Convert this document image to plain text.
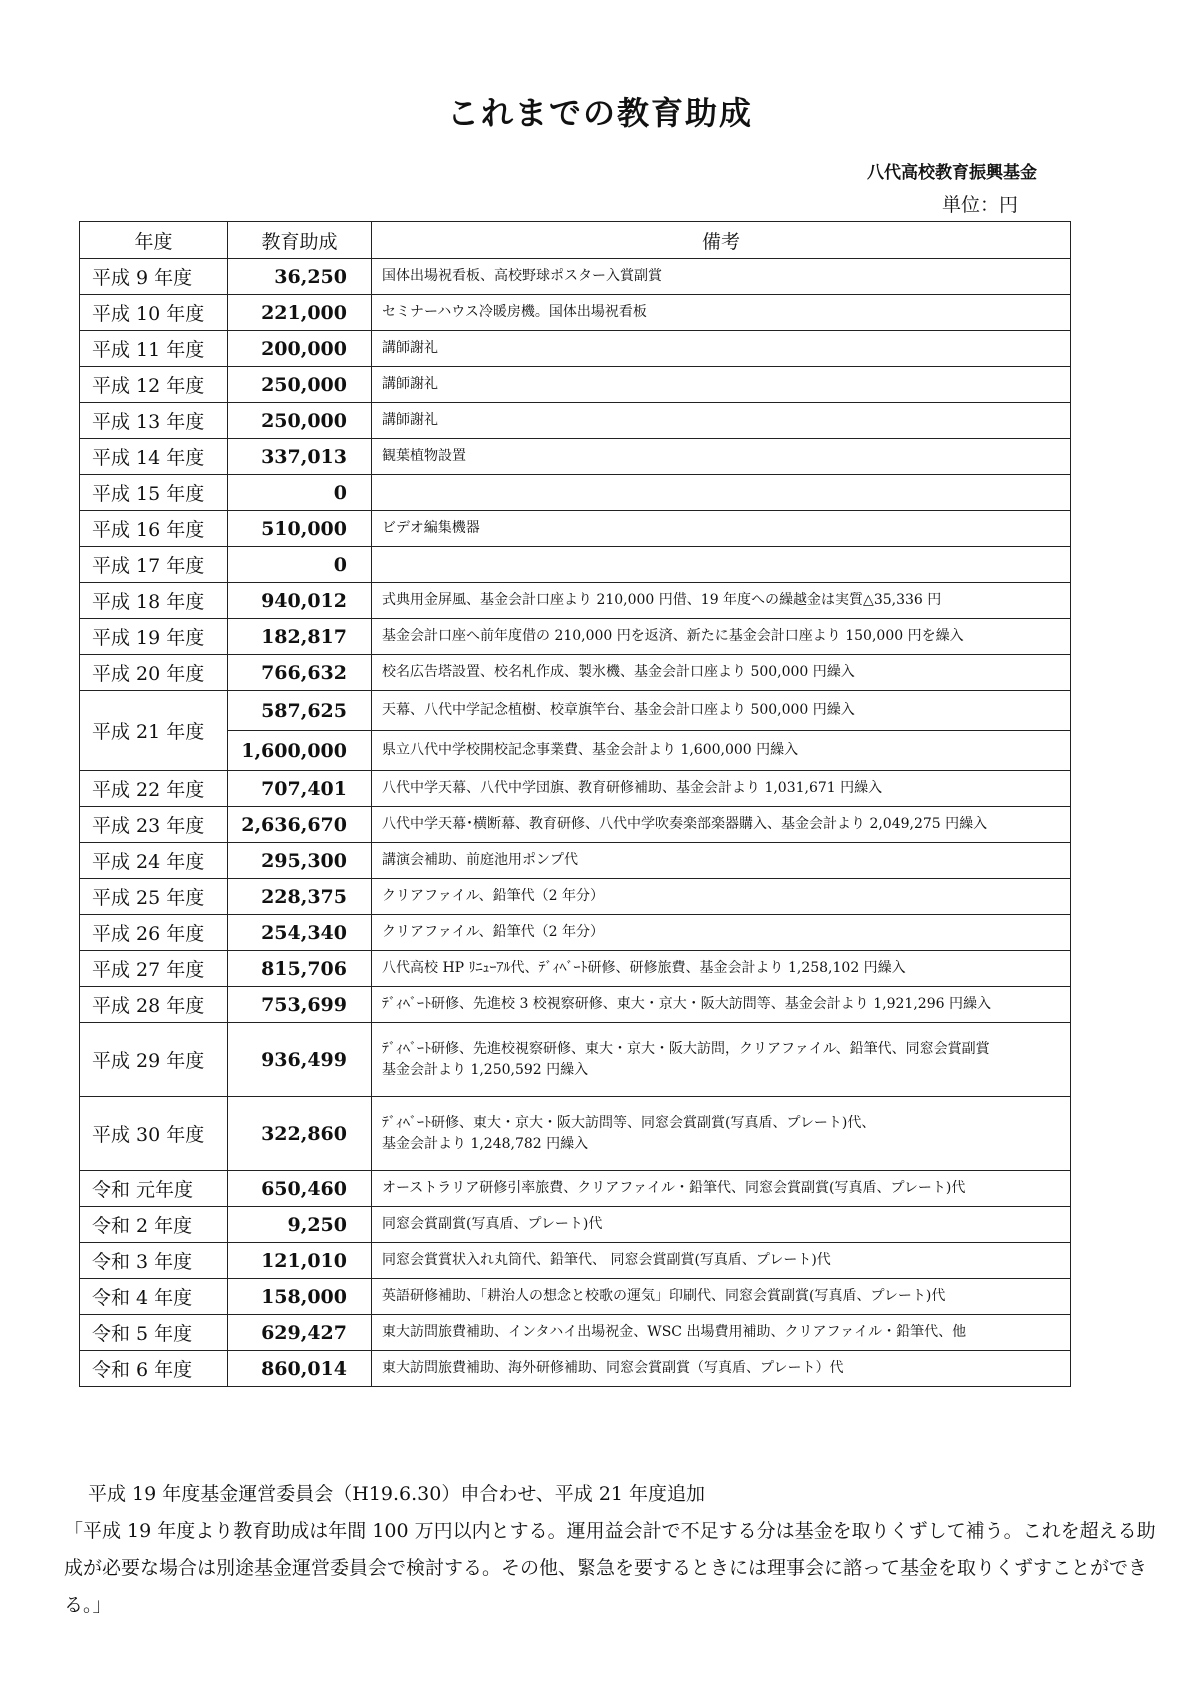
これまでの教育助成
八代高校教育振興基金
単位：円
年度	教育助成	備考
平成 9 年度	36,250	国体出場祝看板、高校野球ポスター入賞副賞

平成 10 年度	221,000	セミナーハウス冷暖房機。国体出場祝看板

平成 11 年度	200,000	講師謝礼

平成 12 年度	250,000	講師謝礼

平成 13 年度	250,000	講師謝礼

平成 14 年度	337,013	観葉植物設置

平成 15 年度	0	

平成 16 年度	510,000	ビデオ編集機器

平成 17 年度	0	

平成 18 年度	940,012	式典用金屏風、基金会計口座より 210,000 円借、19 年度への繰越金は実質△35,336 円

平成 19 年度	182,817	基金会計口座へ前年度借の 210,000 円を返済、新たに基金会計口座より 150,000 円を繰入

平成 20 年度	766,632	校名広告塔設置、校名札作成、製氷機、基金会計口座より 500,000 円繰入

平成 21 年度	587,625	天幕、八代中学記念植樹、校章旗竿台、基金会計口座より 500,000 円繰入
	1,600,000	県立八代中学校開校記念事業費、基金会計より 1,600,000 円繰入
平成 22 年度	707,401	八代中学天幕、八代中学団旗、教育研修補助、基金会計より 1,031,671 円繰入

平成 23 年度	2,636,670	八代中学天幕･横断幕、教育研修、八代中学吹奏楽部楽器購入、基金会計より 2,049,275 円繰入

平成 24 年度	295,300	講演会補助、前庭池用ポンプ代

平成 25 年度	228,375	クリアファイル、鉛筆代（2 年分）

平成 26 年度	254,340	クリアファイル、鉛筆代（2 年分）

平成 27 年度	815,706	八代高校 HP ﾘﾆｭｰｱﾙ代、ﾃﾞｨﾍﾞｰﾄ研修、研修旅費、基金会計より 1,258,102 円繰入

平成 28 年度	753,699	ﾃﾞｨﾍﾞｰﾄ研修、先進校 3 校視察研修、東大・京大・阪大訪問等、基金会計より 1,921,296 円繰入

平成 29 年度	936,499	ﾃﾞｨﾍﾞｰﾄ研修、先進校視察研修、東大・京大・阪大訪問，クリアファイル、鉛筆代、同窓会賞副賞
基金会計より 1,250,592 円繰入

平成 30 年度	322,860	ﾃﾞｨﾍﾞｰﾄ研修、東大・京大・阪大訪問等、同窓会賞副賞(写真盾、プレート)代、
基金会計より 1,248,782 円繰入

令和 元年度	650,460	オーストラリア研修引率旅費、クリアファイル・鉛筆代、同窓会賞副賞(写真盾、プレート)代

令和 2 年度	9,250	同窓会賞副賞(写真盾、プレート)代

令和 3 年度	121,010	同窓会賞賞状入れ丸筒代、鉛筆代、 同窓会賞副賞(写真盾、プレート)代

令和 4 年度	158,000	英語研修補助、「耕治人の想念と校歌の運気」印刷代、同窓会賞副賞(写真盾、プレート)代

令和 5 年度	629,427	東大訪問旅費補助、インタハイ出場祝金、WSC 出場費用補助、クリアファイル・鉛筆代、他

令和 6 年度	860,014	東大訪問旅費補助、海外研修補助、同窓会賞副賞（写真盾、プレート）代
平成 19 年度基金運営委員会（H19.6.30）申合わせ、平成 21 年度追加
「平成 19 年度より教育助成は年間 100 万円以内とする。運用益会計で不足する分は基金を取りくずして補う。これを超える助成が必要な場合は別途基金運営委員会で検討する。その他、緊急を要するときには理事会に諮って基金を取りくずすことができる。」
